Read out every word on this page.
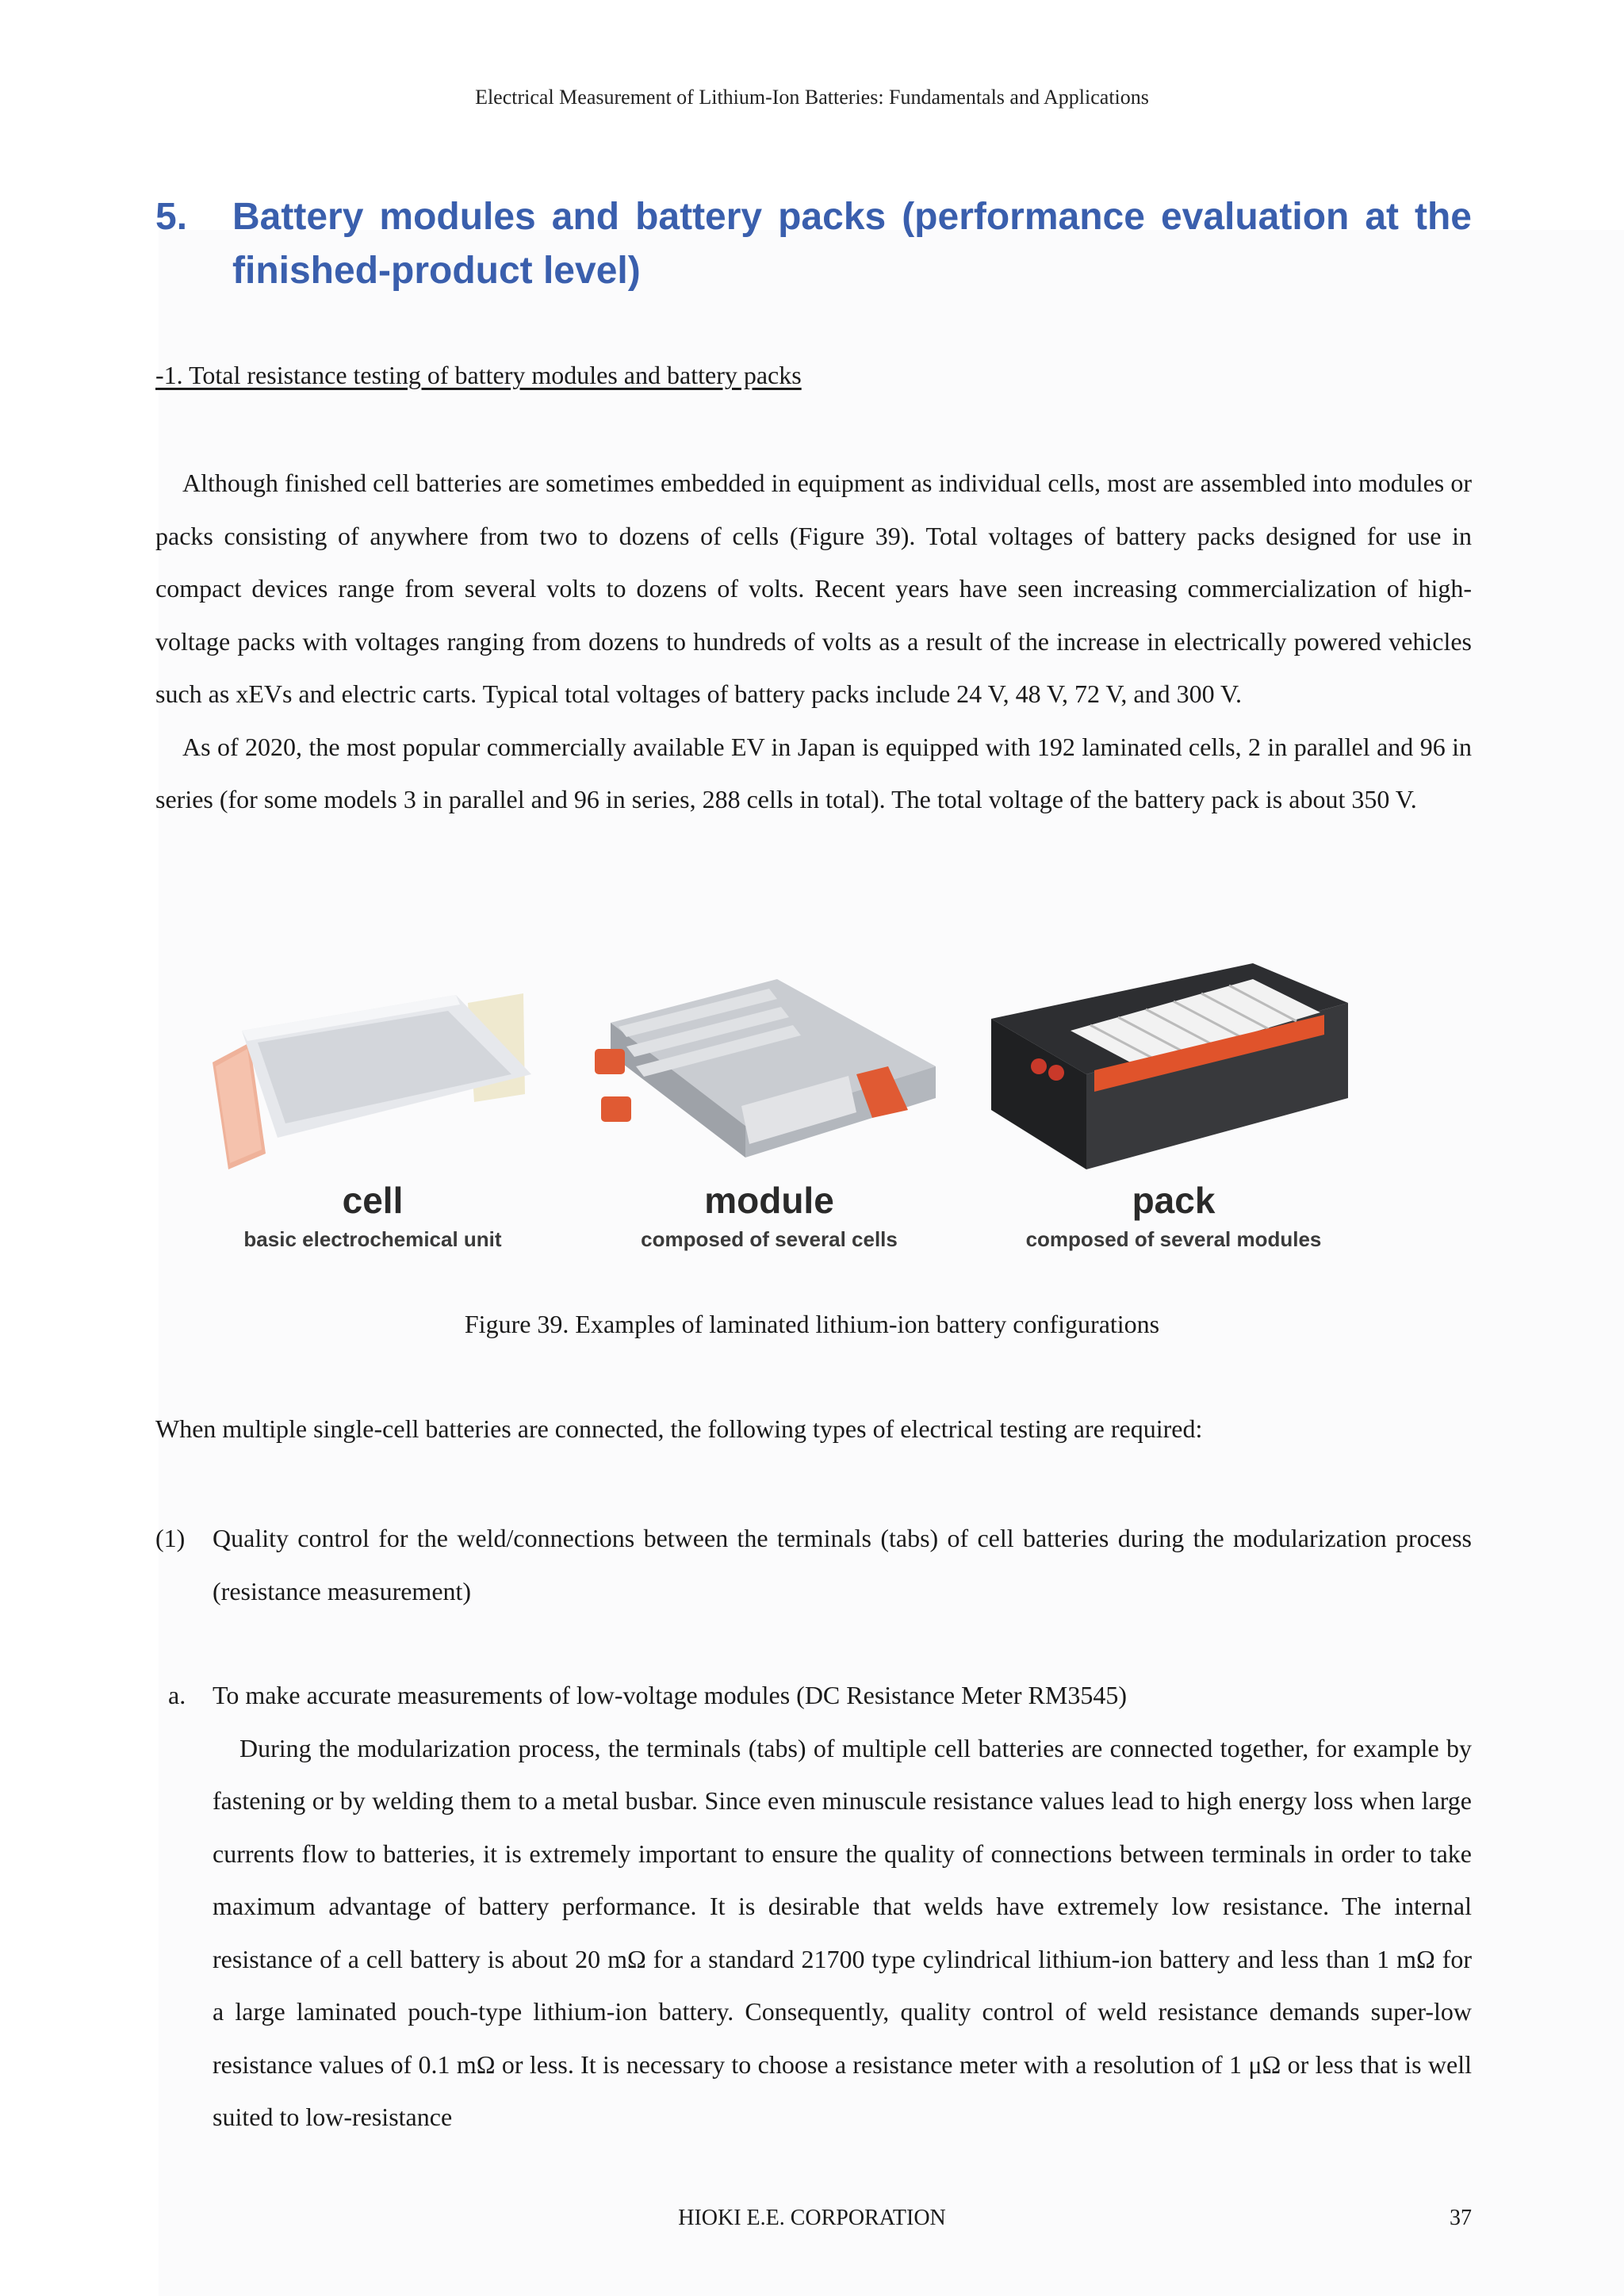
Electrical Measurement of Lithium-Ion Batteries: Fundamentals and Applications
5. Battery modules and battery packs (performance evaluation at the finished-product level)
-1. Total resistance testing of battery modules and battery packs

Although finished cell batteries are sometimes embedded in equipment as individual cells, most are assembled into modules or packs consisting of anywhere from two to dozens of cells (Figure 39). Total voltages of battery packs designed for use in compact devices range from several volts to dozens of volts. Recent years have seen increasing commercialization of high-voltage packs with voltages ranging from dozens to hundreds of volts as a result of the increase in electrically powered vehicles such as xEVs and electric carts. Typical total voltages of battery packs include 24 V, 48 V, 72 V, and 300 V.

As of 2020, the most popular commercially available EV in Japan is equipped with 192 laminated cells, 2 in parallel and 96 in series (for some models 3 in parallel and 96 in series, 288 cells in total). The total voltage of the battery pack is about 350 V.

cell
basic electrochemical unit
module
composed of several cells
pack
composed of several modules
Figure 39. Examples of laminated lithium-ion battery configurations
When multiple single-cell batteries are connected, the following types of electrical testing are required:
(1) Quality control for the weld/connections between the terminals (tabs) of cell batteries during the modularization process (resistance measurement)
a. To make accurate measurements of low-voltage modules (DC Resistance Meter RM3545)
During the modularization process, the terminals (tabs) of multiple cell batteries are connected together, for example by fastening or by welding them to a metal busbar. Since even minuscule resistance values lead to high energy loss when large currents flow to batteries, it is extremely important to ensure the quality of connections between terminals in order to take maximum advantage of battery performance. It is desirable that welds have extremely low resistance. The internal resistance of a cell battery is about 20 mΩ for a standard 21700 type cylindrical lithium-ion battery and less than 1 mΩ for a large laminated pouch-type lithium-ion battery. Consequently, quality control of weld resistance demands super-low resistance values of 0.1 mΩ or less. It is necessary to choose a resistance meter with a resolution of 1 μΩ or less that is well suited to low-resistance
HIOKI E.E. CORPORATION	37
